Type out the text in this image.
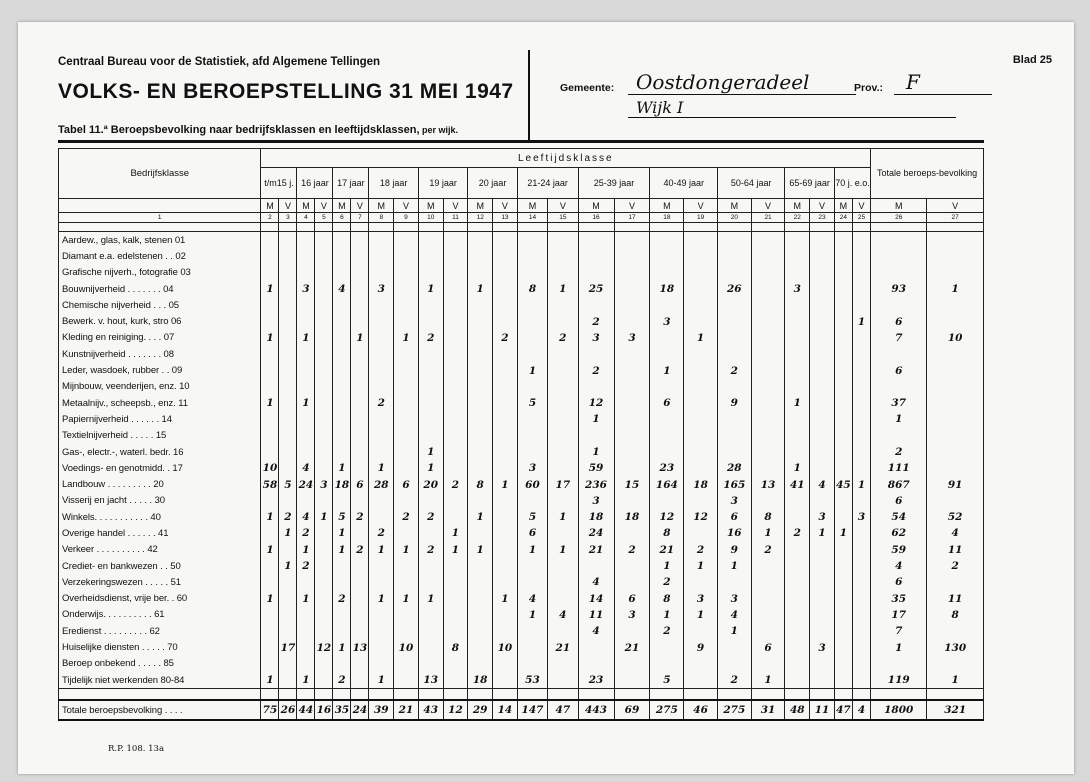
Centraal Bureau voor de Statistiek, afd Algemene Tellingen
VOLKS- EN BEROEPSTELLING 31 MEI 1947
Blad 25
Gemeente:	Oostdongeradeel
Wijk I
Prov.:	F
Tabel 11.ª Beroepsbevolking naar bedrijfsklassen en leeftijdsklassen, per wijk.
Bedrijfsklasse	Leeftijdsklasse																								Totale beroeps-bevolking	
	t/m15 j.		16 jaar		17 jaar		18 jaar		19 jaar		20 jaar		21-24 jaar		25-39 jaar		40-49 jaar		50-64 jaar		65-69 jaar		70 j. e.o.			
	M	V	M	V	M	V	M	V	M	V	M	V	M	V	M	V	M	V	M	V	M	V	M	V	M	V
1	2	3	4	5	6	7	8	9	10	11	12	13	14	15	16	17	18	19	20	21	22	23	24	25	26	27

Aardew., glas, kalk, stenen 01																										
Diamant e.a. edelstenen . . 02																										
Grafische nijverh., fotografie 03																										
Bouwnijverheid . . . . . . . 04	1		3		4		3		1		1		8	1	25		18		26		3				93	1
Chemische nijverheid . . . 05																										
Bewerk. v. hout, kurk, stro 06															2		3							1	6	
Kleding en reiniging. . . . 07	1		1			1		1	2			2		2	3	3		1							7	10
Kunstnijverheid . . . . . . . 08																										
Leder, wasdoek, rubber . . 09													1		2		1		2						6	
Mijnbouw, veenderijen, enz. 10																										
Metaalnijv., scheepsb., enz. 11	1		1				2						5		12		6		9		1				37	
Papiernijverheid . . . . . . 14															1										1	
Textielnijverheid . . . . . 15																										
Gas-, electr.-, waterl. bedr. 16									1						1										2	
Voedings- en genotmidd. . 17	10		4		1		1		1				3		59		23		28		1				111	
Landbouw . . . . . . . . . 20	58	5	24	3	18	6	28	6	20	2	8	1	60	17	236	15	164	18	165	13	41	4	45	1	867	91
Visserij en jacht . . . . . 30															3				3						6	
Winkels. . . . . . . . . . . 40	1	2	4	1	5	2		2	2		1		5	1	18	18	12	12	6	8		3		3	54	52
Overige handel . . . . . . 41		1	2		1		2			1			6		24		8		16	1	2	1	1		62	4
Verkeer . . . . . . . . . . 42	1		1		1	2	1	1	2	1	1		1	1	21	2	21	2	9	2					59	11
Crediet- en bankwezen . . 50		1	2														1	1	1						4	2
Verzekeringswezen . . . . . 51															4		2								6	
Overheidsdienst, vrije ber. . 60	1		1		2		1	1	1			1	4		14	6	8	3	3						35	11
Onderwijs. . . . . . . . . . 61													1	4	11	3	1	1	4						17	8
Eredienst . . . . . . . . . 62															4		2		1						7	
Huiselijke diensten . . . . . 70		17		12	1	13		10		8		10		21		21		9		6		3			1	130
Beroep onbekend . . . . . 85																										
Tijdelijk niet werkenden 80-84	1		1		2		1		13		18		53		23		5		2	1					119	1

Totale beroepsbevolking . . . .	75	26	44	16	35	24	39	21	43	12	29	14	147	47	443	69	275	46	275	31	48	11	47	4	1800	321
R.P. 108. 13a
